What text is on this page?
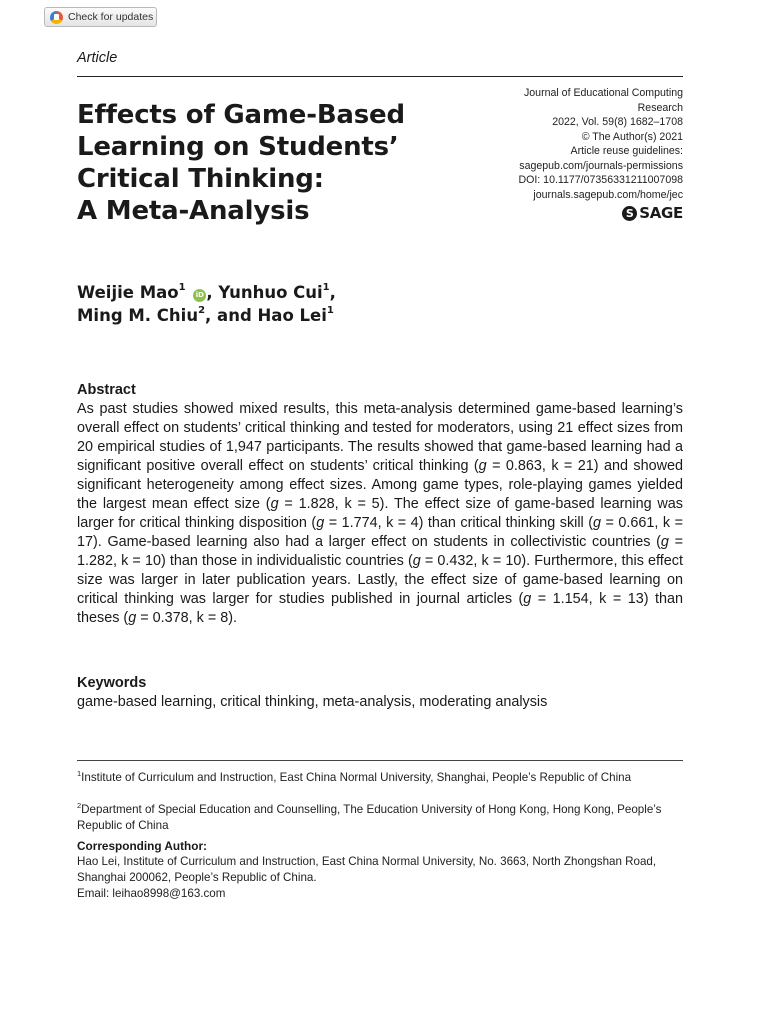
Check for updates
Article
Effects of Game-Based
Learning on Students’
Critical Thinking:
A Meta-Analysis
Journal of Educational Computing
Research
2022, Vol. 59(8) 1682–1708
© The Author(s) 2021
Article reuse guidelines:
sagepub.com/journals-permissions
DOI: 10.1177/07356331211007098
journals.sagepub.com/home/jec
S SAGE
Weijie Mao$^1$ iD , Yunhuo Cui$^1$,
Ming M. Chiu$^2$, and Hao Lei$^1$
Abstract
As past studies showed mixed results, this meta-analysis determined game-based learning’s overall effect on students’ critical thinking and tested for moderators, using 21 effect sizes from 20 empirical studies of 1,947 participants. The results showed that game-based learning had a significant positive overall effect on students’ critical thinking (g = 0.863, k = 21) and showed significant heterogeneity among effect sizes. Among game types, role-playing games yielded the largest mean effect size (g = 1.828, k = 5). The effect size of game-based learning was larger for critical thinking disposition (g = 1.774, k = 4) than critical thinking skill (g = 0.661, k = 17). Game-based learning also had a larger effect on students in collectivistic countries (g = 1.282, k = 10) than those in individualistic countries (g = 0.432, k = 10). Furthermore, this effect size was larger in later publication years. Lastly, the effect size of game-based learning on critical thinking was larger for studies published in journal articles (g = 1.154, k = 13) than theses (g = 0.378, k = 8).
Keywords
game-based learning, critical thinking, meta-analysis, moderating analysis
$^1$Institute of Curriculum and Instruction, East China Normal University, Shanghai, People’s Republic of China
$^2$Department of Special Education and Counselling, The Education University of Hong Kong, Hong Kong, People’s Republic of China
Corresponding Author:
Hao Lei, Institute of Curriculum and Instruction, East China Normal University, No. 3663, North Zhongshan Road, Shanghai 200062, People’s Republic of China.
Email: leihao8998@163.com
